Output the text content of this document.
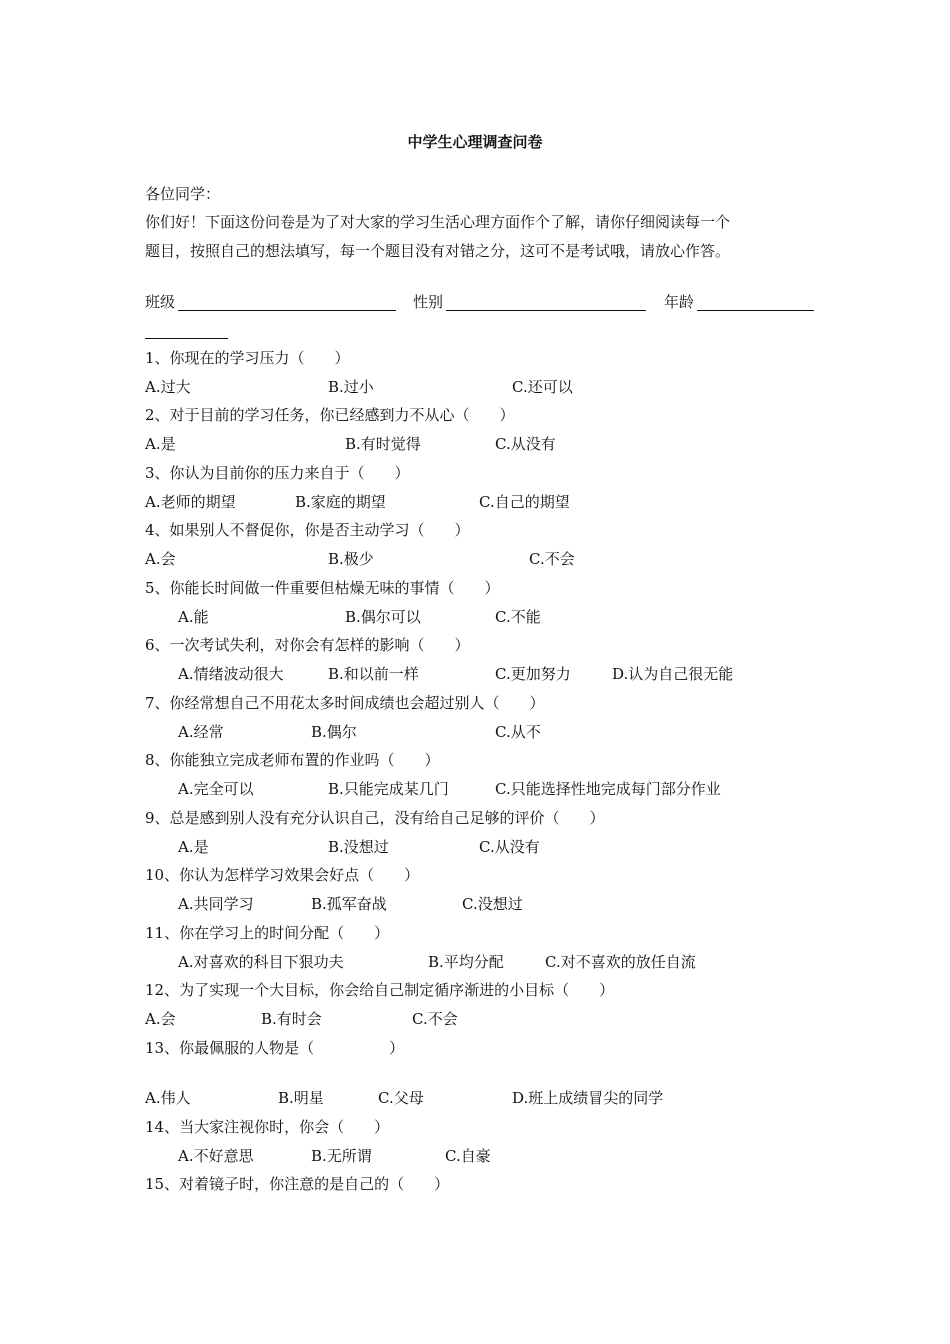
中学生心理调查问卷
各位同学：
你们好！下面这份问卷是为了对大家的学习生活心理方面作个了解，请你仔细阅读每一个
题目，按照自己的想法填写，每一个题目没有对错之分，这可不是考试哦，请放心作答。
班级	性别	年龄
1、你现在的学习压力（　　）
A.过大	B.过小	C.还可以
2、对于目前的学习任务，你已经感到力不从心（　　）
A.是	B.有时觉得	C.从没有
3、你认为目前你的压力来自于（　　）
A.老师的期望	B.家庭的期望	C.自己的期望
4、如果别人不督促你，你是否主动学习（　　）
A.会	B.极少	C.不会
5、你能长时间做一件重要但枯燥无味的事情（　　）
A.能	B.偶尔可以	C.不能
6、一次考试失利，对你会有怎样的影响（　　）
A.情绪波动很大	B.和以前一样	C.更加努力	D.认为自己很无能
7、你经常想自己不用花太多时间成绩也会超过别人（　　）
A.经常	B.偶尔	C.从不
8、你能独立完成老师布置的作业吗（　　）
A.完全可以	B.只能完成某几门	C.只能选择性地完成每门部分作业
9、总是感到别人没有充分认识自己，没有给自己足够的评价（　　）
A.是	B.没想过	C.从没有
10、你认为怎样学习效果会好点（　　）
A.共同学习	B.孤军奋战	C.没想过
11、你在学习上的时间分配（　　）
A.对喜欢的科目下狠功夫	B.平均分配	C.对不喜欢的放任自流
12、为了实现一个大目标，你会给自己制定循序渐进的小目标（　　）
A.会	B.有时会	C.不会
13、你最佩服的人物是（　　　　　）
A.伟人	B.明星	C.父母	D.班上成绩冒尖的同学
14、当大家注视你时，你会（　　）
A.不好意思	B.无所谓	C.自豪
15、对着镜子时，你注意的是自己的（　　）
